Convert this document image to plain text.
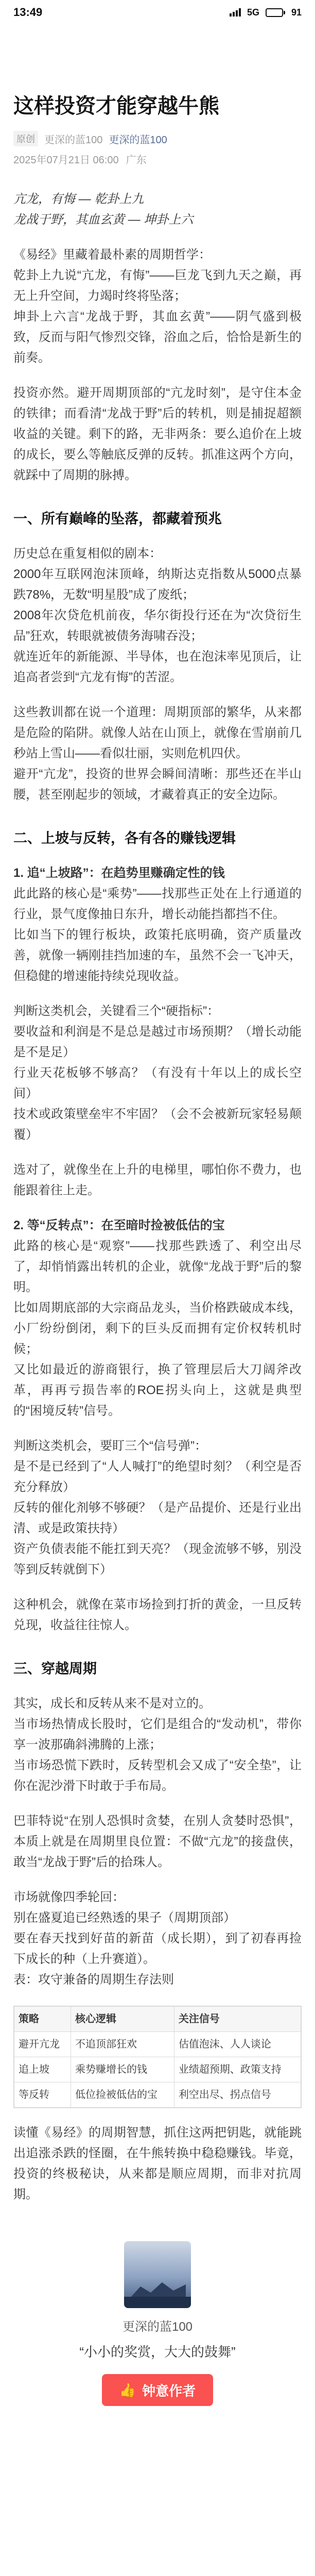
13:49	5G	91
这样投资才能穿越牛熊
原创 更深的蓝100 更深的蓝100
2025年07月21日 06:00 广东
亢龙，有悔 — 乾卦上九
龙战于野，其血玄黄 — 坤卦上六

《易经》里藏着最朴素的周期哲学：

乾卦上九说“亢龙，有悔”——巨龙飞到九天之巅，再无上升空间，力竭时终将坠落；

坤卦上六言“龙战于野，其血玄黄”——阴气盛到极致，反而与阳气惨烈交锋，浴血之后，恰恰是新生的前奏。

投资亦然。避开周期顶部的“亢龙时刻”，是守住本金的铁律；而看清“龙战于野”后的转机，则是捕捉超额收益的关键。剩下的路，无非两条：要么追价在上坡的成长，要么等触底反弹的反转。抓准这两个方向，就踩中了周期的脉搏。

一、所有巅峰的坠落，都藏着预兆

历史总在重复相似的剧本：

2000年互联网泡沫顶峰，纳斯达克指数从5000点暴跌78%，无数“明星股”成了废纸；

2008年次贷危机前夜，华尔街投行还在为“次贷衍生品”狂欢，转眼就被债务海啸吞没；

就连近年的新能源、半导体，也在泡沫率见顶后，让追高者尝到“亢龙有悔”的苦涩。

这些教训都在说一个道理：周期顶部的繁华，从来都是危险的陷阱。就像人站在山顶上，就像在雪崩前几秒站上雪山——看似壮丽，实则危机四伏。

避开“亢龙”，投资的世界会瞬间清晰：那些还在半山腰，甚至刚起步的领域，才藏着真正的安全边际。

二、上坡与反转，各有各的赚钱逻辑

1. 追“上坡路”：在趋势里赚确定性的钱

此此路的核心是“乘势”——找那些正处在上行通道的行业，景气度像抽日东升，增长动能挡都挡不住。

比如当下的锂行板块，政策托底明确，资产质量改善，就像一辆刚挂挡加速的车，虽然不会一飞冲天，但稳健的增速能持续兑现收益。

判断这类机会，关键看三个“硬指标”：

要收益和利润是不是总是越过市场预期？（增长动能是不是足）

行业天花板够不够高？（有没有十年以上的成长空间）

技术或政策壁垒牢不牢固？（会不会被新玩家轻易颠覆）

选对了，就像坐在上升的电梯里，哪怕你不费力，也能跟着往上走。

2. 等“反转点”：在至暗时捡被低估的宝

此路的核心是“观察”——找那些跌透了、利空出尽了，却悄悄露出转机的企业，就像“龙战于野”后的黎明。

比如周期底部的大宗商品龙头，当价格跌破成本线，小厂纷纷倒闭，剩下的巨头反而拥有定价权转机时候；

又比如最近的游商银行，换了管理层后大刀阔斧改革，再再亏损告率的ROE拐头向上，这就是典型的“困境反转”信号。

判断这类机会，要盯三个“信号弹”：

是不是已经到了“人人喊打”的绝望时刻？（利空是否充分释放）

反转的催化剂够不够硬？（是产品提价、还是行业出清、或是政策扶持）

资产负债表能不能扛到天亮？（现金流够不够，别没等到反转就倒下）

这种机会，就像在菜市场捡到打折的黄金，一旦反转兑现，收益往往惊人。

三、穿越周期

其实，成长和反转从来不是对立的。

当市场热情成长股时，它们是组合的“发动机”，带你享一波那确斜沸腾的上涨；

当市场恐慌下跌时，反转型机会又成了“安全垫”，让你在泥沙滑下时敢于手布局。

巴菲特说“在别人恐惧时贪婪，在别人贪婪时恐惧”，本质上就是在周期里良位置：不做“亢龙”的接盘侠，敢当“龙战于野”后的拾珠人。

市场就像四季轮回：

别在盛夏追已经熟透的果子（周期顶部）

要在春天找到好苗的新苗（成长期），到了初春再捡下成长的种（上升赛道）。

表：攻守兼备的周期生存法则

策略	核心逻辑	关注信号
避开亢龙	不追顶部狂欢	估值泡沫、人人谈论
追上坡	乘势赚增长的钱	业绩超预期、政策支持
等反转	低位捡被低估的宝	利空出尽、拐点信号

读懂《易经》的周期智慧，抓住这两把钥匙，就能跳出追涨杀跌的怪圈，在牛熊转换中稳稳赚钱。毕竟，投资的终极秘诀，从来都是顺应周期，而非对抗周期。

更深的蓝100
“小小的奖赏，大大的鼓舞”
👍 钟意作者
